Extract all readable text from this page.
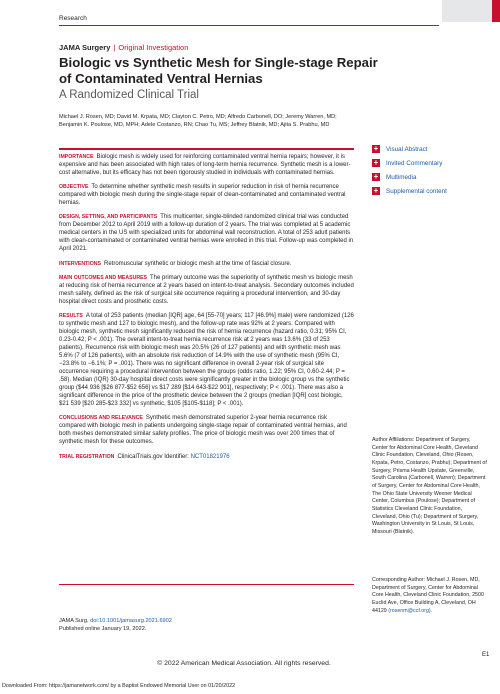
Research
JAMA Surgery | Original Investigation
Biologic vs Synthetic Mesh for Single-stage Repair of Contaminated Ventral Hernias
A Randomized Clinical Trial
Michael J. Rosen, MD; David M. Krpata, MD; Clayton C. Petro, MD; Alfredo Carbonell, DO; Jeremy Warren, MD; Benjamin K. Poulose, MD, MPH; Adele Costanzo, RN; Chao Tu, MS; Jeffrey Blatnik, MD; Ajita S. Prabhu, MD
IMPORTANCE Biologic mesh is widely used for reinforcing contaminated ventral hernia repairs; however, it is expensive and has been associated with high rates of long-term hernia recurrence. Synthetic mesh is a lower-cost alternative, but its efficacy has not been rigorously studied in individuals with contaminated hernias.
OBJECTIVE To determine whether synthetic mesh results in superior reduction in risk of hernia recurrence compared with biologic mesh during the single-stage repair of clean-contaminated and contaminated ventral hernias.
DESIGN, SETTING, AND PARTICIPANTS This multicenter, single-blinded randomized clinical trial was conducted from December 2012 to April 2019 with a follow-up duration of 2 years. The trial was completed at 5 academic medical centers in the US with specialized units for abdominal wall reconstruction. A total of 253 adult patients with clean-contaminated or contaminated ventral hernias were enrolled in this trial. Follow-up was completed in April 2021.
INTERVENTIONS Retromuscular synthetic or biologic mesh at the time of fascial closure.
MAIN OUTCOMES AND MEASURES The primary outcome was the superiority of synthetic mesh vs biologic mesh at reducing risk of hernia recurrence at 2 years based on intent-to-treat analysis. Secondary outcomes included mesh safety, defined as the risk of surgical site occurrence requiring a procedural intervention, and 30-day hospital direct costs and prosthetic costs.
RESULTS A total of 253 patients (median [IQR] age, 64 [55-70] years; 117 [46.9%] male) were randomized (126 to synthetic mesh and 127 to biologic mesh), and the follow-up rate was 92% at 2 years. Compared with biologic mesh, synthetic mesh significantly reduced the risk of hernia recurrence (hazard ratio, 0.31; 95% CI, 0.23-0.42; P < .001). The overall intent-to-treat hernia recurrence risk at 2 years was 13.6% (33 of 253 patients). Recurrence risk with biologic mesh was 20.5% (26 of 127 patients) and with synthetic mesh was 5.6% (7 of 126 patients), with an absolute risk reduction of 14.9% with the use of synthetic mesh (95% CI, −23.8% to −6.1%; P = .001). There was no significant difference in overall 2-year risk of surgical site occurrence requiring a procedural intervention between the groups (odds ratio, 1.22; 95% CI, 0.60-2.44; P = .58). Median (IQR) 30-day hospital direct costs were significantly greater in the biologic group vs the synthetic group ($44 936 [$26 877-$52 656] vs $17 289 [$14 643-$22 901], respectively; P < .001). There was also a significant difference in the price of the prosthetic device between the 2 groups (median [IQR] cost biologic, $21 539 [$20 285-$23 332] vs synthetic, $105 [$105-$118]; P < .001).
CONCLUSIONS AND RELEVANCE Synthetic mesh demonstrated superior 2-year hernia recurrence risk compared with biologic mesh in patients undergoing single-stage repair of contaminated ventral hernias, and both meshes demonstrated similar safety profiles. The price of biologic mesh was over 200 times that of synthetic mesh for these outcomes.
TRIAL REGISTRATION ClinicalTrials.gov Identifier: NCT01821976
JAMA Surg. doi:10.1001/jamasurg.2021.6902
Published online January 19, 2022.
+ Visual Abstract
+ Invited Commentary
+ Multimedia
+ Supplemental content
Author Affiliations: Department of Surgery, Center for Abdominal Core Health, Cleveland Clinic Foundation, Cleveland, Ohio (Rosen, Krpata, Petro, Costanzo, Prabhu); Department of Surgery, Prisma Health Upstate, Greenville, South Carolina (Carbonell, Warren); Department of Surgery, Center for Abdominal Core Health, The Ohio State University Wexner Medical Center, Columbus (Poulose); Department of Statistics Cleveland Clinic Foundation, Cleveland, Ohio (Tu); Department of Surgery, Washington University in St Louis, St Louis, Missouri (Blatnik).
Corresponding Author: Michael J. Rosen, MD, Department of Surgery, Center for Abdominal Core Health, Cleveland Clinic Foundation, 2500 Euclid Ave, Office Building A, Cleveland, OH 44129 (rosenm@ccf.org).
© 2022 American Medical Association. All rights reserved.
E1
Downloaded From: https://jamanetwork.com/ by a Baptist Endowed Memorial User on 01/20/2022
